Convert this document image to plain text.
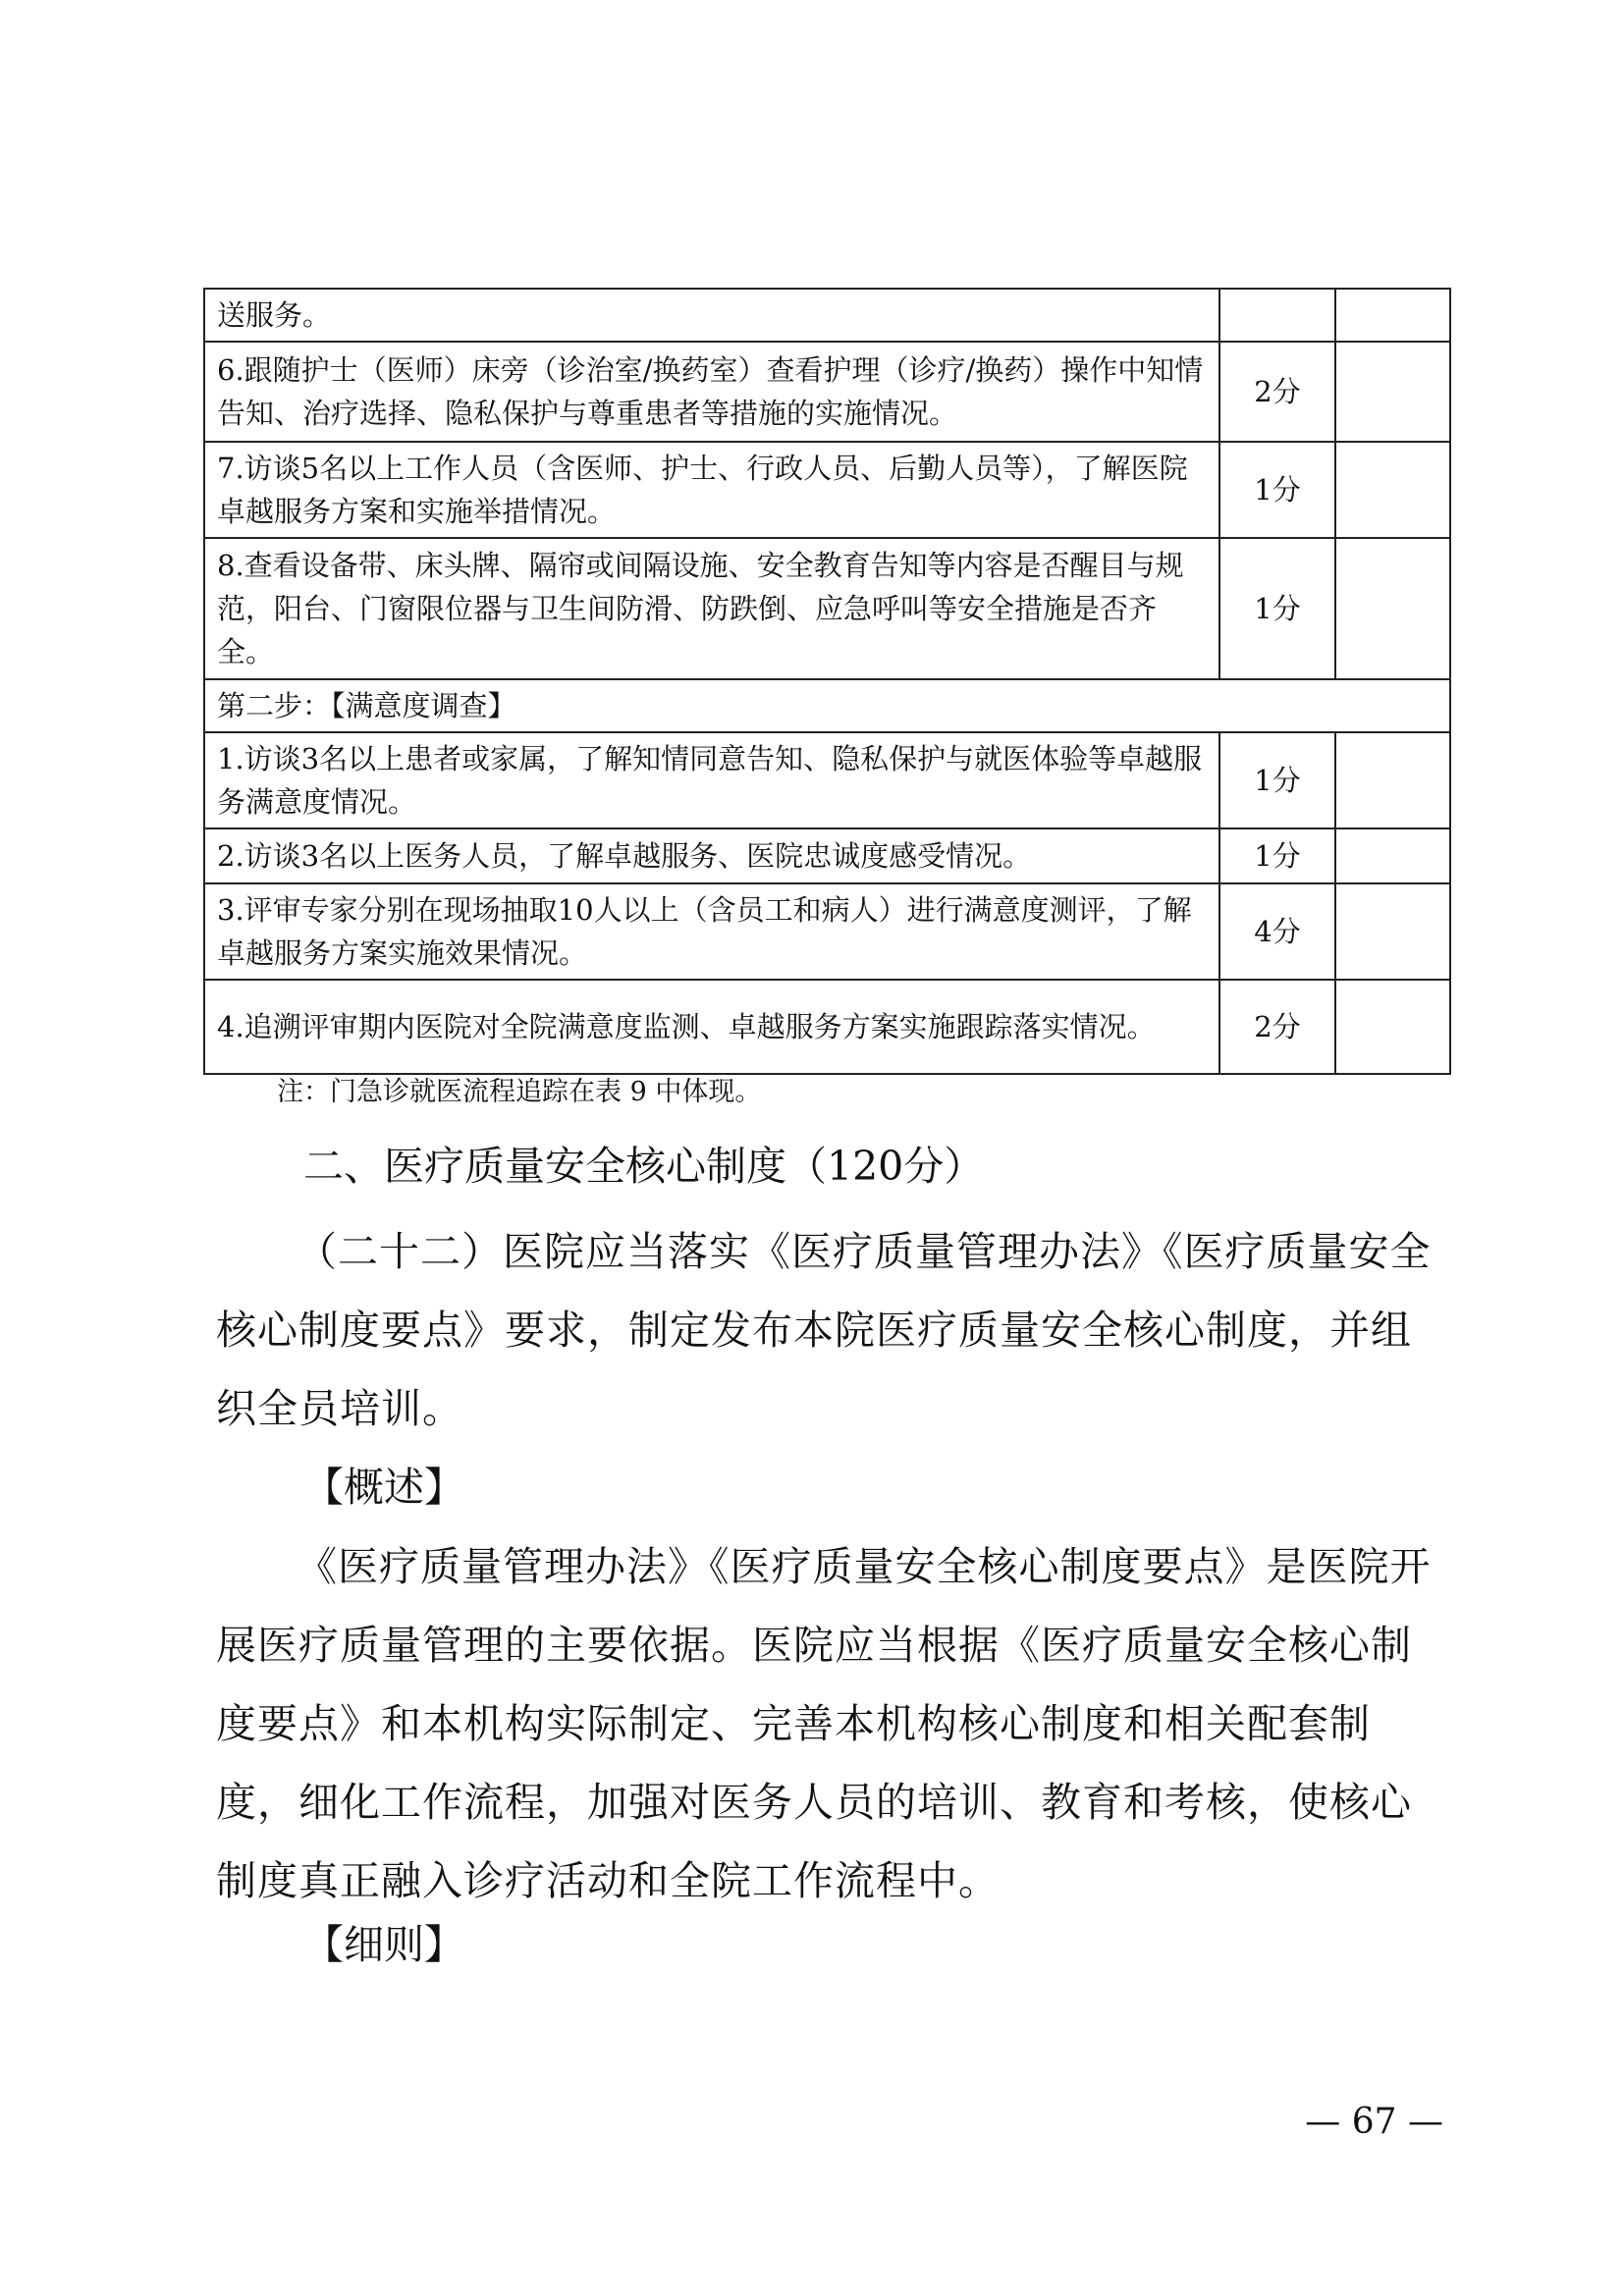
送服务。		
6.跟随护士（医师）床旁（诊治室/换药室）查看护理（诊疗/换药）操作中知情告知、治疗选择、隐私保护与尊重患者等措施的实施情况。	2分	
7.访谈5名以上工作人员（含医师、护士、行政人员、后勤人员等），了解医院卓越服务方案和实施举措情况。	1分	
8.查看设备带、床头牌、隔帘或间隔设施、安全教育告知等内容是否醒目与规范，阳台、门窗限位器与卫生间防滑、防跌倒、应急呼叫等安全措施是否齐全。	1分	
第二步：【满意度调查】		
1.访谈3名以上患者或家属，了解知情同意告知、隐私保护与就医体验等卓越服务满意度情况。	1分	
2.访谈3名以上医务人员，了解卓越服务、医院忠诚度感受情况。	1分	
3.评审专家分别在现场抽取10人以上（含员工和病人）进行满意度测评，了解卓越服务方案实施效果情况。	4分	
4.追溯评审期内医院对全院满意度监测、卓越服务方案实施跟踪落实情况。	2分	
注：门急诊就医流程追踪在表 9 中体现。
二、医疗质量安全核心制度（120分）
（二十二）医院应当落实《医疗质量管理办法》《医疗质量安全核心制度要点》要求，制定发布本院医疗质量安全核心制度，并组织全员培训。
【概述】
《医疗质量管理办法》《医疗质量安全核心制度要点》是医院开展医疗质量管理的主要依据。医院应当根据《医疗质量安全核心制度要点》和本机构实际制定、完善本机构核心制度和相关配套制度，细化工作流程，加强对医务人员的培训、教育和考核，使核心制度真正融入诊疗活动和全院工作流程中。
【细则】
— 67 —
